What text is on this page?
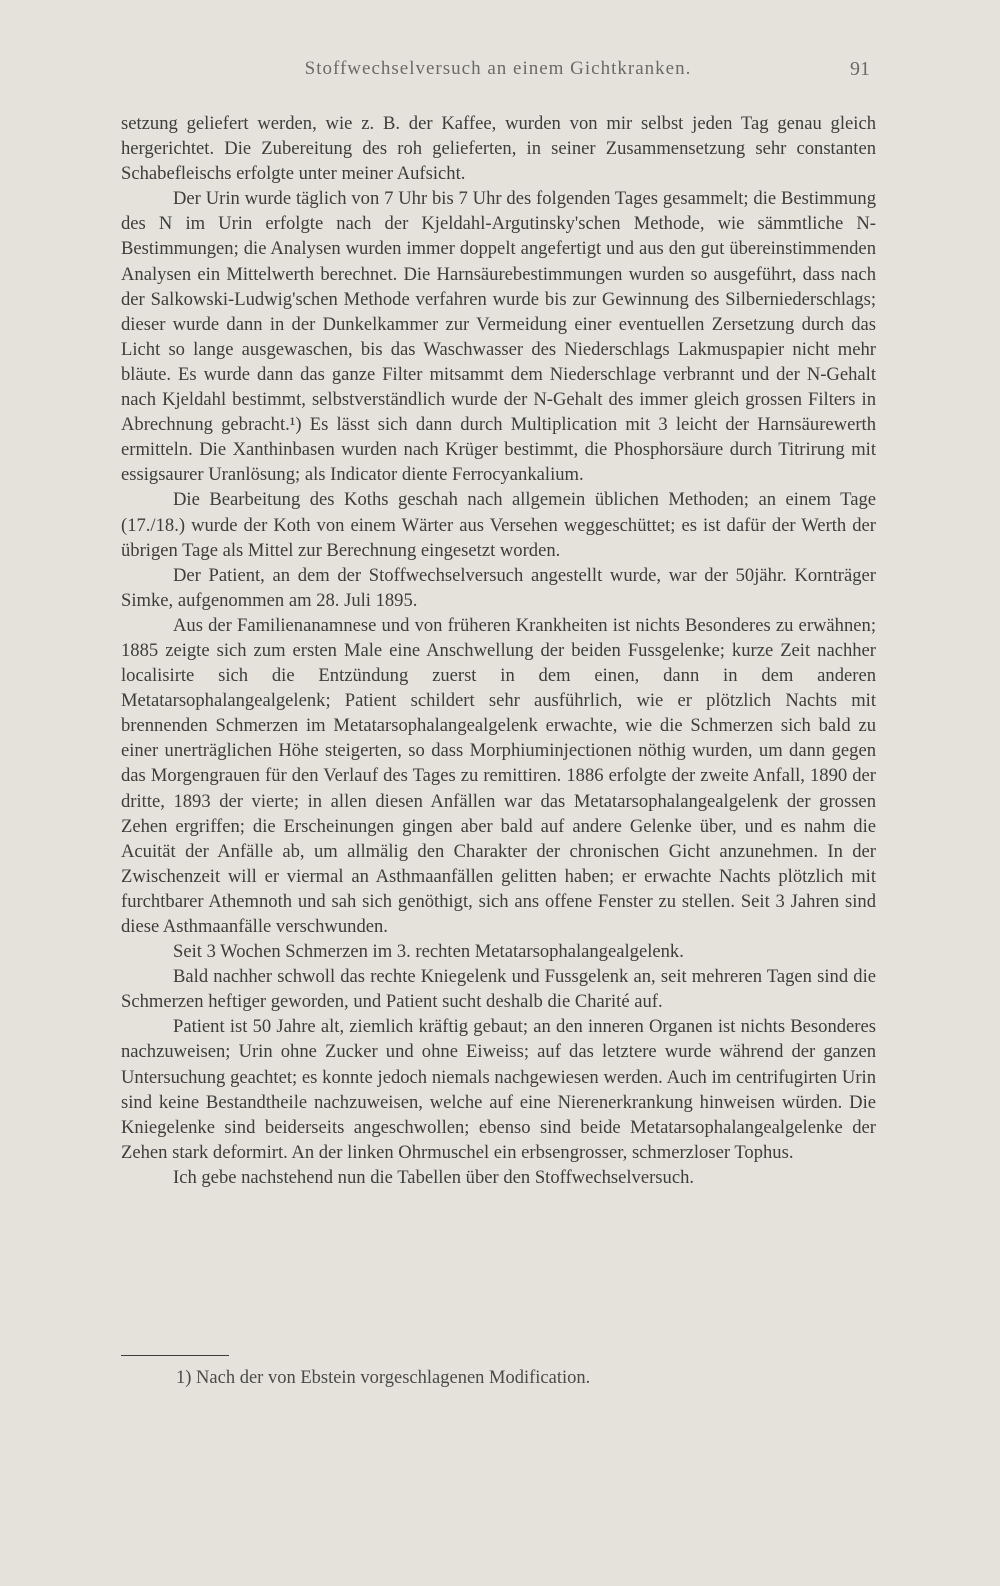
Stoffwechselversuch an einem Gichtkranken.	91

setzung geliefert werden, wie z. B. der Kaffee, wurden von mir selbst jeden Tag genau gleich hergerichtet. Die Zubereitung des roh gelieferten, in seiner Zusammensetzung sehr constanten Schabefleischs erfolgte unter meiner Aufsicht.

Der Urin wurde täglich von 7 Uhr bis 7 Uhr des folgenden Tages gesammelt; die Bestimmung des N im Urin erfolgte nach der Kjeldahl-Argutinsky'schen Methode, wie sämmtliche N-Bestimmungen; die Analysen wurden immer doppelt angefertigt und aus den gut übereinstimmenden Analysen ein Mittelwerth berechnet. Die Harnsäurebestimmungen wurden so ausgeführt, dass nach der Salkowski-Ludwig'schen Methode verfahren wurde bis zur Gewinnung des Silberniederschlags; dieser wurde dann in der Dunkelkammer zur Vermeidung einer eventuellen Zersetzung durch das Licht so lange ausgewaschen, bis das Waschwasser des Niederschlags Lakmuspapier nicht mehr bläute. Es wurde dann das ganze Filter mitsammt dem Niederschlage verbrannt und der N-Gehalt nach Kjeldahl bestimmt, selbstverständlich wurde der N-Gehalt des immer gleich grossen Filters in Abrechnung gebracht.¹) Es lässt sich dann durch Multiplication mit 3 leicht der Harnsäurewerth ermitteln. Die Xanthinbasen wurden nach Krüger bestimmt, die Phosphorsäure durch Titrirung mit essigsaurer Uranlösung; als Indicator diente Ferrocyankalium.

Die Bearbeitung des Koths geschah nach allgemein üblichen Methoden; an einem Tage (17./18.) wurde der Koth von einem Wärter aus Versehen weggeschüttet; es ist dafür der Werth der übrigen Tage als Mittel zur Berechnung eingesetzt worden.

Der Patient, an dem der Stoffwechselversuch angestellt wurde, war der 50jähr. Kornträger Simke, aufgenommen am 28. Juli 1895.

Aus der Familienanamnese und von früheren Krankheiten ist nichts Besonderes zu erwähnen; 1885 zeigte sich zum ersten Male eine Anschwellung der beiden Fussgelenke; kurze Zeit nachher localisirte sich die Entzündung zuerst in dem einen, dann in dem anderen Metatarsophalangealgelenk; Patient schildert sehr ausführlich, wie er plötzlich Nachts mit brennenden Schmerzen im Metatarsophalangealgelenk erwachte, wie die Schmerzen sich bald zu einer unerträglichen Höhe steigerten, so dass Morphiuminjectionen nöthig wurden, um dann gegen das Morgengrauen für den Verlauf des Tages zu remittiren. 1886 erfolgte der zweite Anfall, 1890 der dritte, 1893 der vierte; in allen diesen Anfällen war das Metatarsophalangealgelenk der grossen Zehen ergriffen; die Erscheinungen gingen aber bald auf andere Gelenke über, und es nahm die Acuität der Anfälle ab, um allmälig den Charakter der chronischen Gicht anzunehmen. In der Zwischenzeit will er viermal an Asthmaanfällen gelitten haben; er erwachte Nachts plötzlich mit furchtbarer Athemnoth und sah sich genöthigt, sich ans offene Fenster zu stellen. Seit 3 Jahren sind diese Asthmaanfälle verschwunden.

Seit 3 Wochen Schmerzen im 3. rechten Metatarsophalangealgelenk.

Bald nachher schwoll das rechte Kniegelenk und Fussgelenk an, seit mehreren Tagen sind die Schmerzen heftiger geworden, und Patient sucht deshalb die Charité auf.

Patient ist 50 Jahre alt, ziemlich kräftig gebaut; an den inneren Organen ist nichts Besonderes nachzuweisen; Urin ohne Zucker und ohne Eiweiss; auf das letztere wurde während der ganzen Untersuchung geachtet; es konnte jedoch niemals nachgewiesen werden. Auch im centrifugirten Urin sind keine Bestandtheile nachzuweisen, welche auf eine Nierenerkrankung hinweisen würden. Die Kniegelenke sind beiderseits angeschwollen; ebenso sind beide Metatarsophalangealgelenke der Zehen stark deformirt. An der linken Ohrmuschel ein erbsengrosser, schmerzloser Tophus.

Ich gebe nachstehend nun die Tabellen über den Stoffwechselversuch.

1) Nach der von Ebstein vorgeschlagenen Modification.
